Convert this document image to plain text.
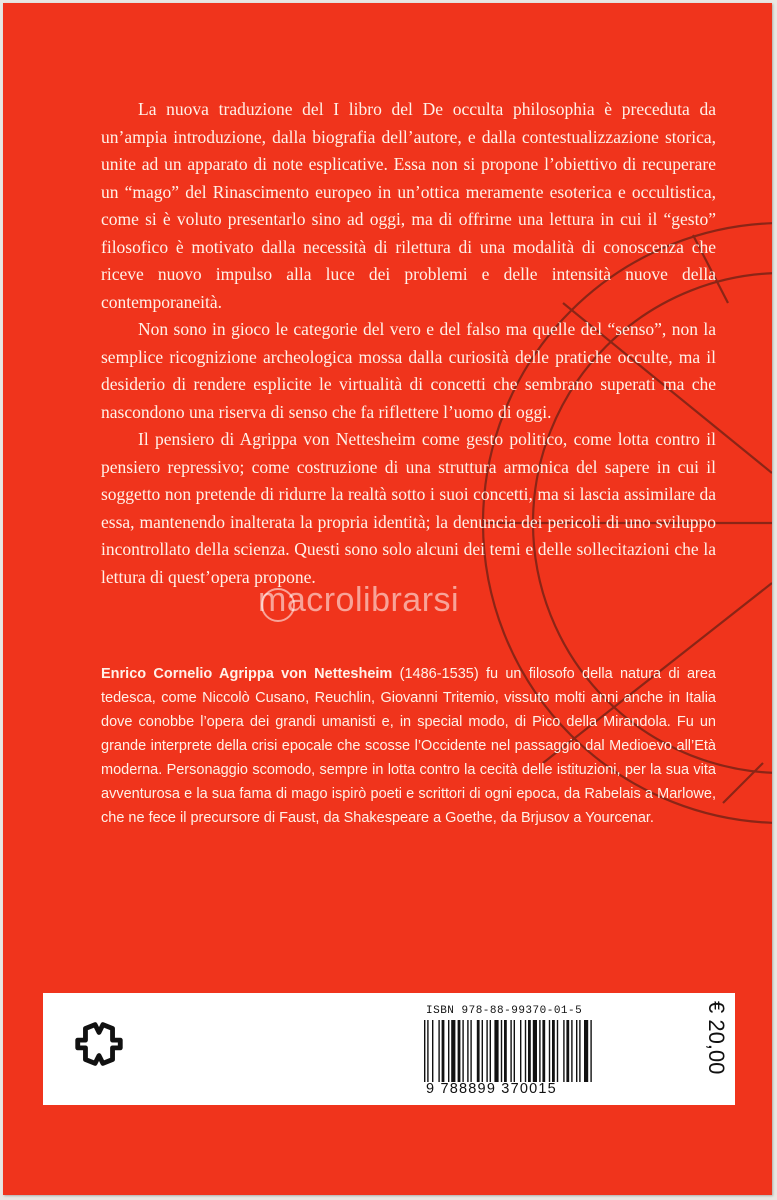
La nuova traduzione del I libro del De occulta philosophia è preceduta da un’ampia introduzione, dalla biografia dell’autore, e dalla contestualizzazione storica, unite ad un apparato di note esplicative. Essa non si propone l’obiettivo di recuperare un “mago” del Rinascimento europeo in un’ottica meramente esoterica e occultistica, come si è voluto presentarlo sino ad oggi, ma di offrirne una lettura in cui il “gesto” filosofico è motivato dalla necessità di rilettura di una modalità di conoscenza che riceve nuovo impulso alla luce dei problemi e delle intensità nuove della contemporaneità.

Non sono in gioco le categorie del vero e del falso ma quelle del “senso”, non la semplice ricognizione archeologica mossa dalla curiosità delle pratiche occulte, ma il desiderio di rendere esplicite le virtualità di concetti che sembrano superati ma che nascondono una riserva di senso che fa riflettere l’uomo di oggi.

Il pensiero di Agrippa von Nettesheim come gesto politico, come lotta contro il pensiero repressivo; come costruzione di una struttura armonica del sapere in cui il soggetto non pretende di ridurre la realtà sotto i suoi concetti, ma si lascia assimilare da essa, mantenendo inalterata la propria identità; la denuncia dei pericoli di uno sviluppo incontrollato della scienza. Questi sono solo alcuni dei temi e delle sollecitazioni che la lettura di quest’opera propone.

macrolibrarsi
Enrico Cornelio Agrippa von Nettesheim (1486-1535) fu un filosofo della natura di area tedesca, come Niccolò Cusano, Reuchlin, Giovanni Tritemio, vissuto molti anni anche in Italia dove conobbe l’opera dei grandi umanisti e, in special modo, di Pico della Mirandola. Fu un grande interprete della crisi epocale che scosse l’Occidente nel passaggio dal Medioevo all’Età moderna. Personaggio scomodo, sempre in lotta contro la cecità delle istituzioni, per la sua vita avventurosa e la sua fama di mago ispirò poeti e scrittori di ogni epoca, da Rabelais a Marlowe, che ne fece il precursore di Faust, da Shakespeare a Goethe, da Brjusov a Yourcenar.
ISBN 978-88-99370-01-5
9 788899 370015
€ 20,00
